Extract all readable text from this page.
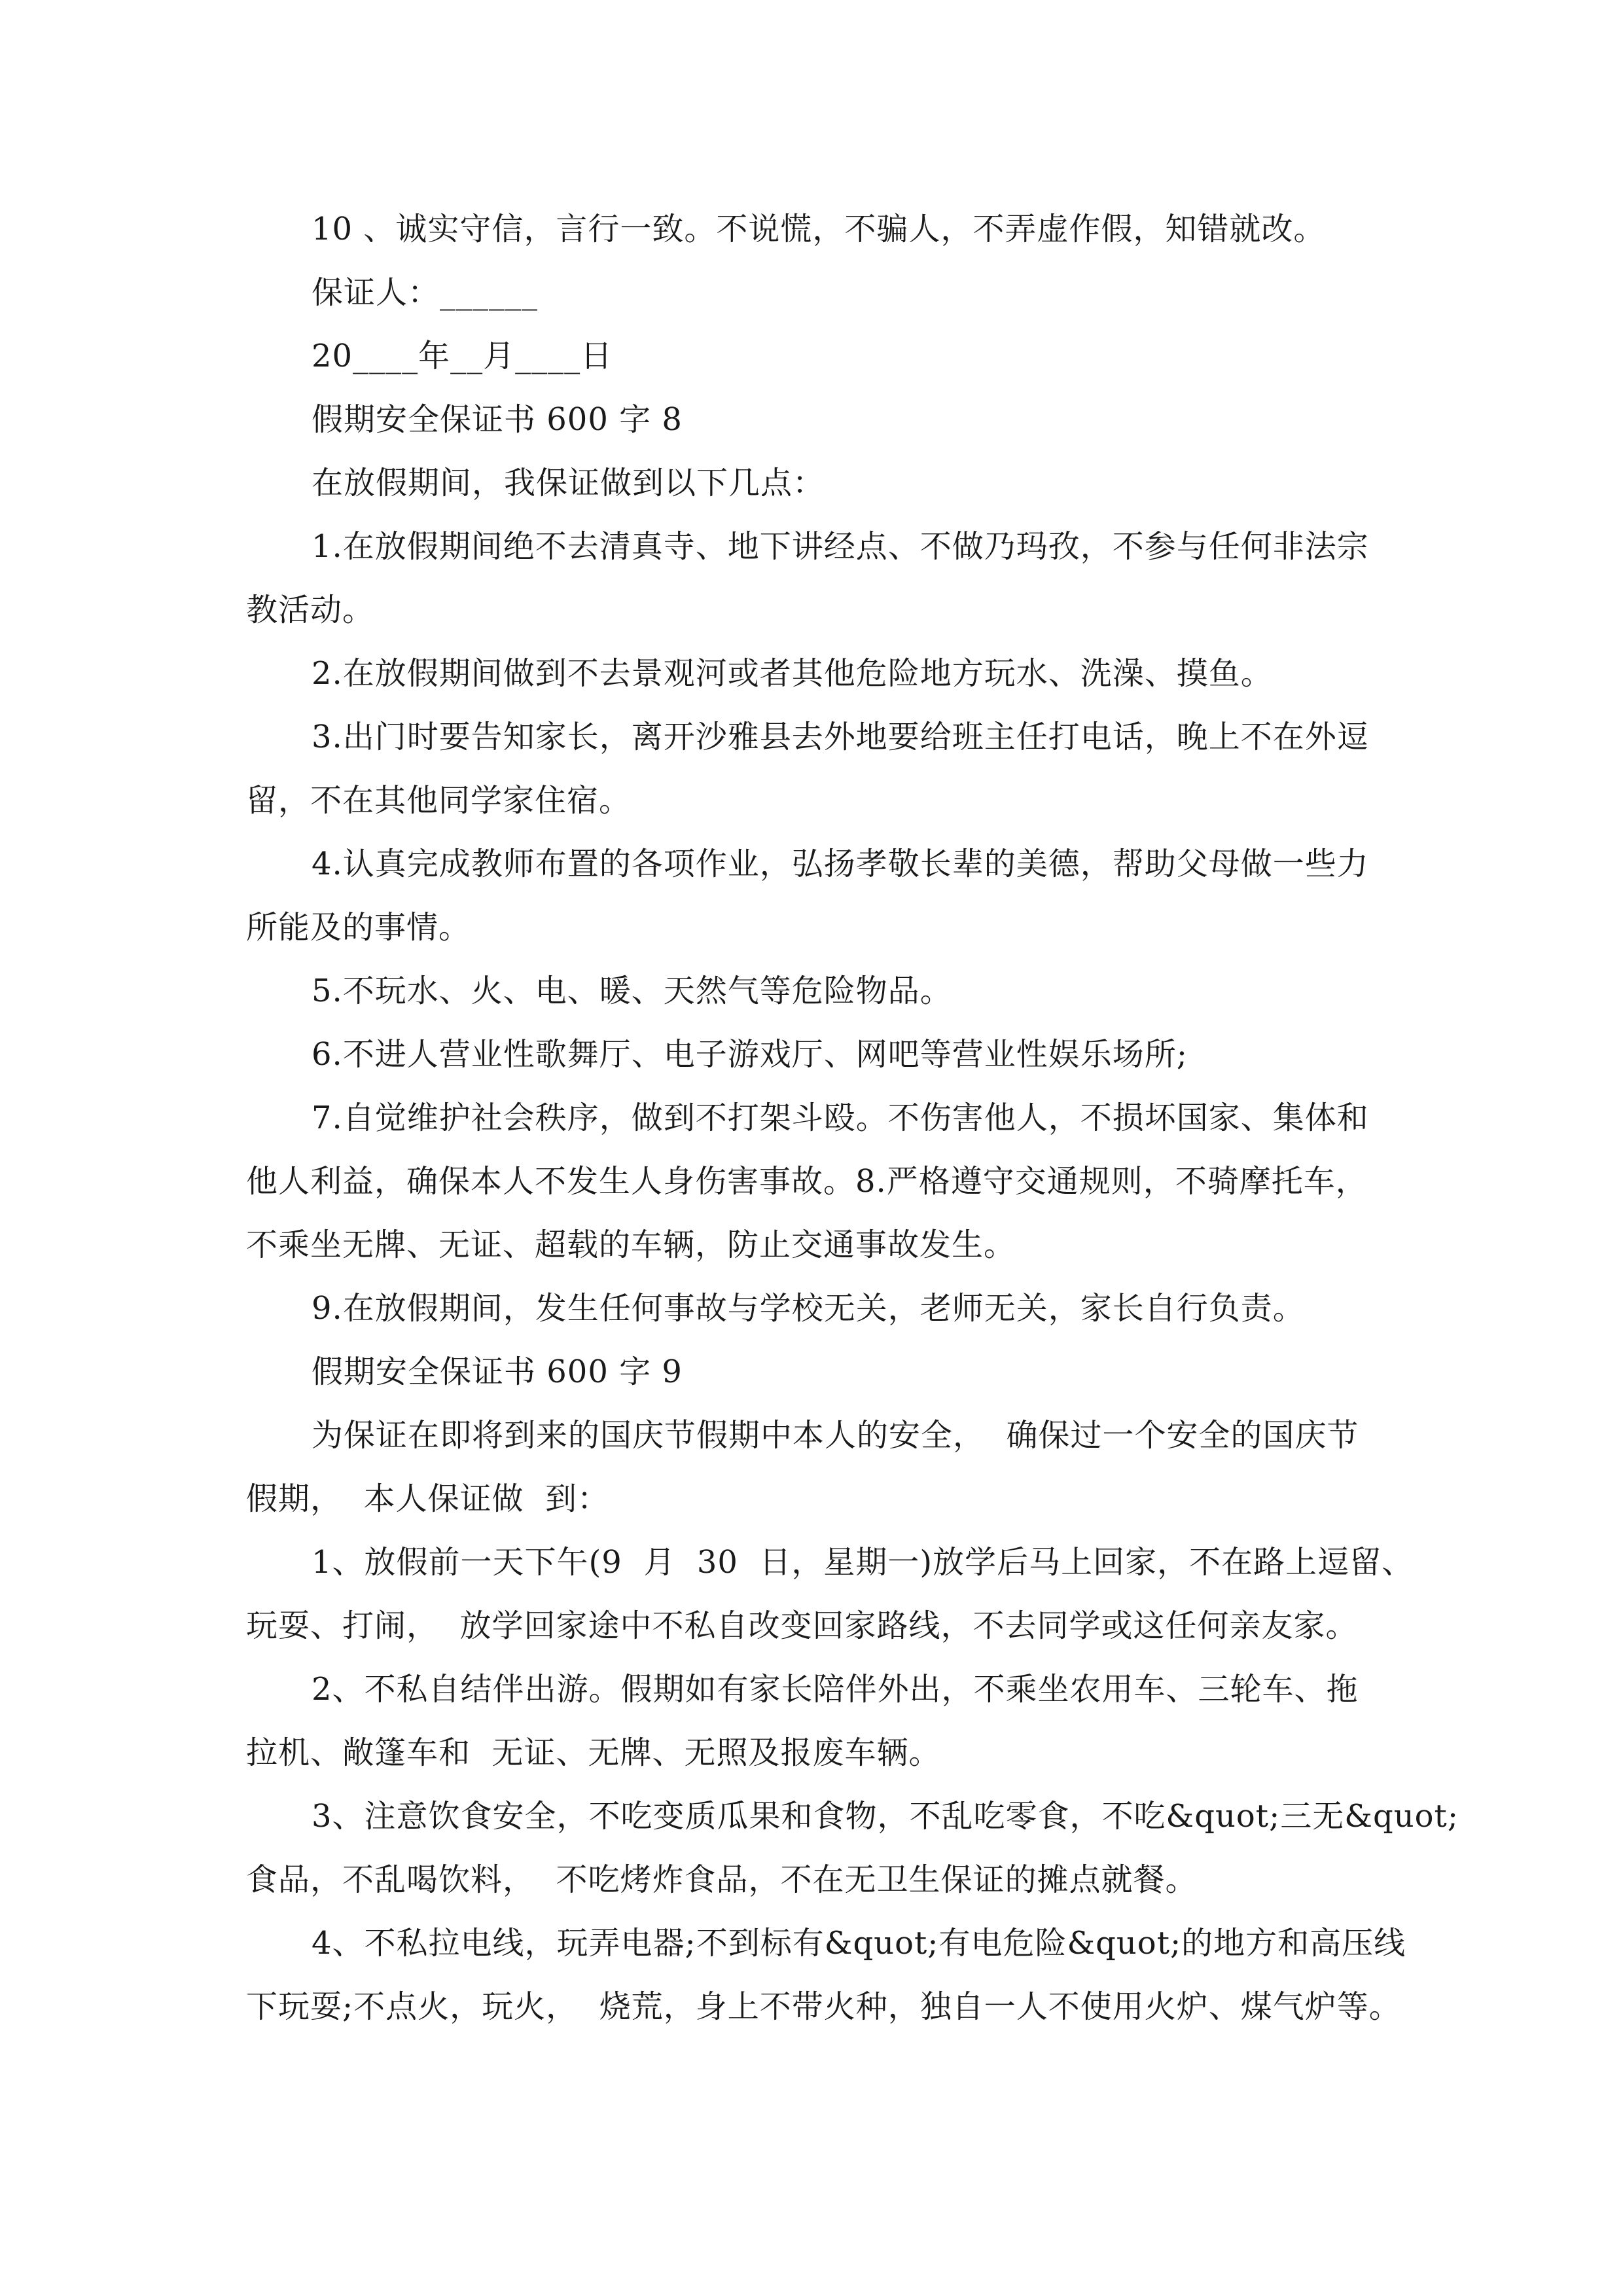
10 、诚实守信，言行一致。不说慌，不骗人，不弄虚作假，知错就改。
保证人：______
20____年__月____日
假期安全保证书 600 字 8
在放假期间，我保证做到以下几点：
1.在放假期间绝不去清真寺、地下讲经点、不做乃玛孜，不参与任何非法宗
教活动。
2.在放假期间做到不去景观河或者其他危险地方玩水、洗澡、摸鱼。
3.出门时要告知家长，离开沙雅县去外地要给班主任打电话，晚上不在外逗
留，不在其他同学家住宿。
4.认真完成教师布置的各项作业，弘扬孝敬长辈的美德，帮助父母做一些力
所能及的事情。
5.不玩水、火、电、暖、天然气等危险物品。
6.不进人营业性歌舞厅、电子游戏厅、网吧等营业性娱乐场所;
7.自觉维护社会秩序，做到不打架斗殴。不伤害他人，不损坏国家、集体和
他人利益，确保本人不发生人身伤害事故。8.严格遵守交通规则，不骑摩托车，
不乘坐无牌、无证、超载的车辆，防止交通事故发生。
9.在放假期间，发生任何事故与学校无关，老师无关，家长自行负责。
假期安全保证书 600 字 9
为保证在即将到来的国庆节假期中本人的安全，  确保过一个安全的国庆节
假期，  本人保证做  到：
1、放假前一天下午(9  月  30  日，星期一)放学后马上回家，不在路上逗留、
玩耍、打闹，  放学回家途中不私自改变回家路线，不去同学或这任何亲友家。
2、不私自结伴出游。假期如有家长陪伴外出，不乘坐农用车、三轮车、拖
拉机、敞篷车和  无证、无牌、无照及报废车辆。
3、注意饮食安全，不吃变质瓜果和食物，不乱吃零食，不吃&quot;三无&quot;
食品，不乱喝饮料，  不吃烤炸食品，不在无卫生保证的摊点就餐。
4、不私拉电线，玩弄电器;不到标有&quot;有电危险&quot;的地方和高压线
下玩耍;不点火，玩火，  烧荒，身上不带火种，独自一人不使用火炉、煤气炉等。
